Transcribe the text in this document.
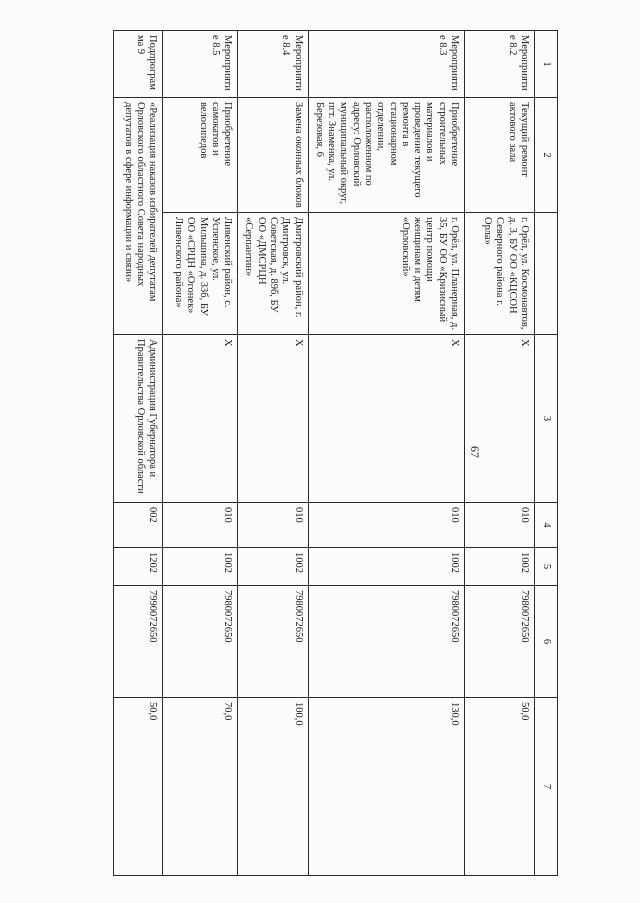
67
1	2		3	4	5	6	7
Мероприятие 8.2	Текущий ремонт актового зала	г. Орёл, ул. Космонавтов, д. 3, БУ ОО «КЦСОН Северного района г. Орла»	Х	010	1002	7980072650	50,0
Мероприятие 8.3	Приобретение строительных материалов и проведение текущего ремонта в стационарном отделении, расположенном по адресу: Орловский муниципальный округ, пгт. Знаменка, ул. Березовая, 6	г. Орёл, ул. Планерная, д. 35, БУ ОО «Кризисный центр помощи женщинам и детям «Орловский»	Х	010	1002	7980072650	130,0
Мероприятие 8.4	Замена оконных блоков	Дмитровский район, г. Дмитровск, ул. Советская, д. 89б, БУ ОО «ДМСРЦН «Серпантин»	Х	010	1002	7980072650	100,0
Мероприятие 8.5	Приобретение самокатов и велосипедов	Ливенский район, с. Успенское, ул. Мильшина, д. 33б, БУ ОО «СРЦН «Огонек» Ливенского района»	Х	010	1002	7980072650	70,0
Подпрограмма 9	«Реализация наказов избирателей депутатам Орловского областного Совета народных депутатов в сфере информации и связи»		Администрация Губернатора и Правительства Орловской области	002	1202	7990072650	50,0
